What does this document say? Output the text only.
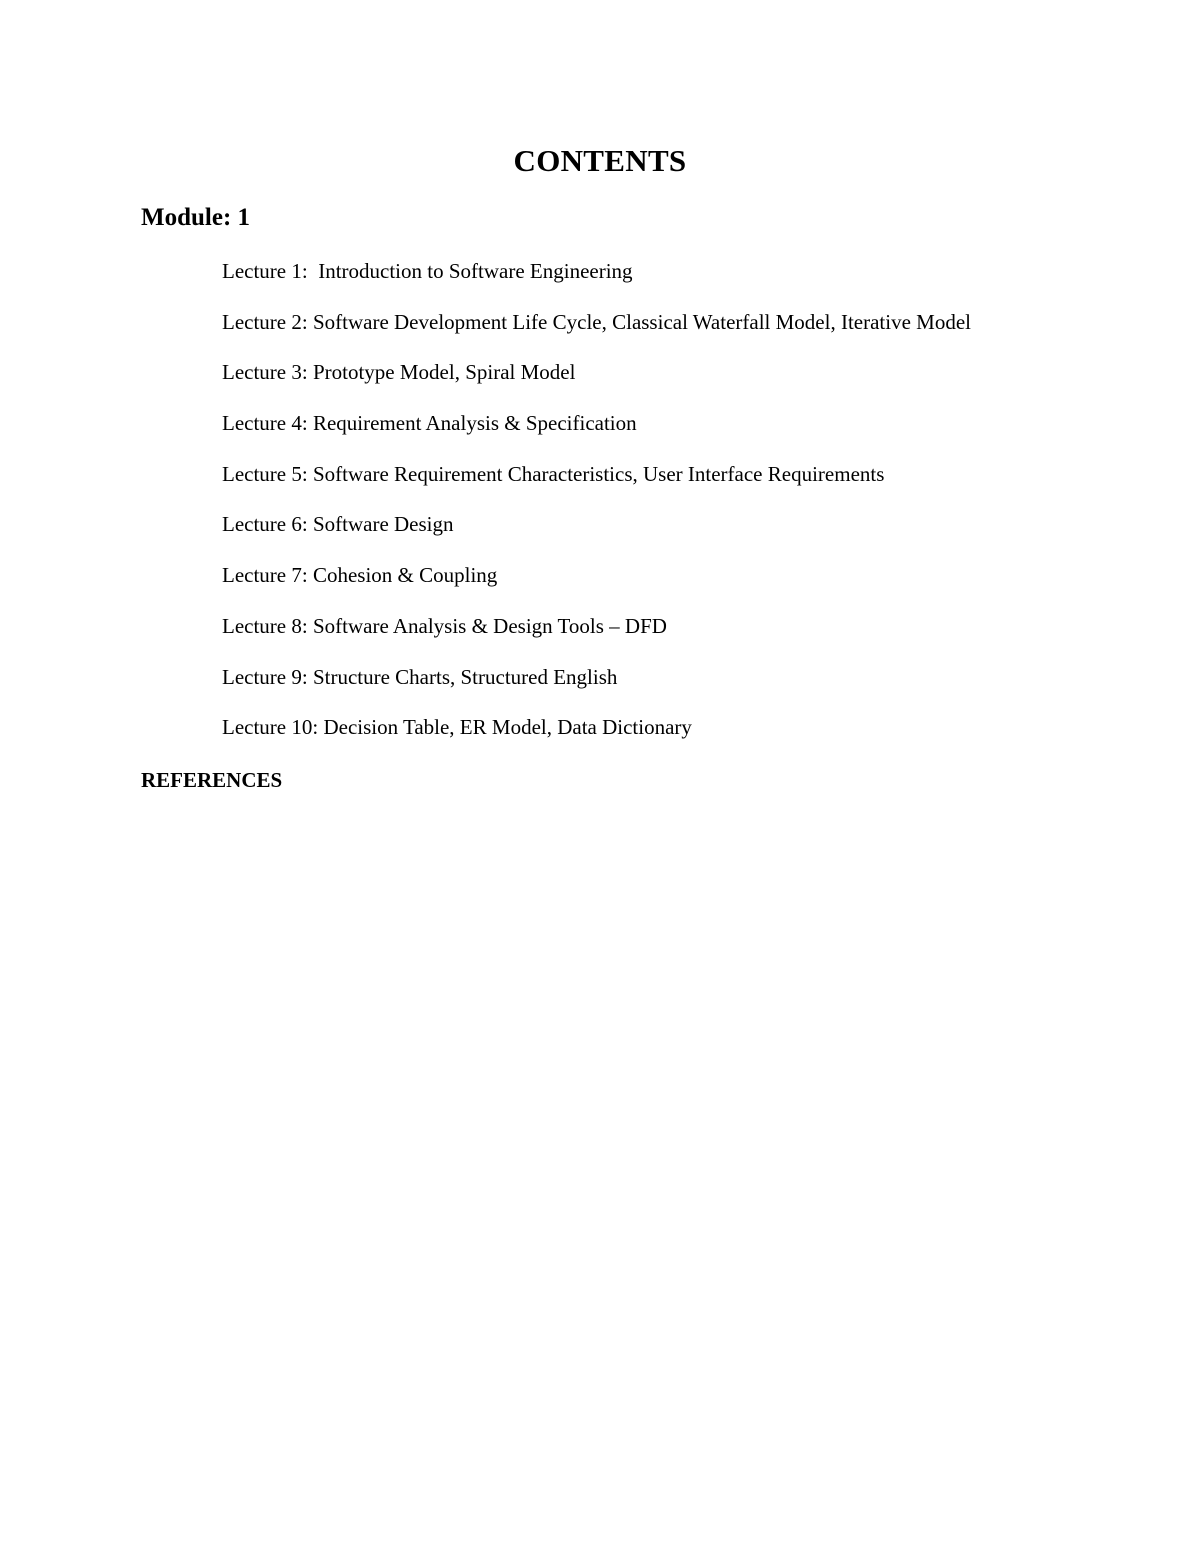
CONTENTS
Module: 1
Lecture 1: Introduction to Software Engineering
Lecture 2: Software Development Life Cycle, Classical Waterfall Model, Iterative Model
Lecture 3: Prototype Model, Spiral Model
Lecture 4: Requirement Analysis & Specification
Lecture 5: Software Requirement Characteristics, User Interface Requirements
Lecture 6: Software Design
Lecture 7: Cohesion & Coupling
Lecture 8: Software Analysis & Design Tools – DFD
Lecture 9: Structure Charts, Structured English
Lecture 10: Decision Table, ER Model, Data Dictionary
REFERENCES
